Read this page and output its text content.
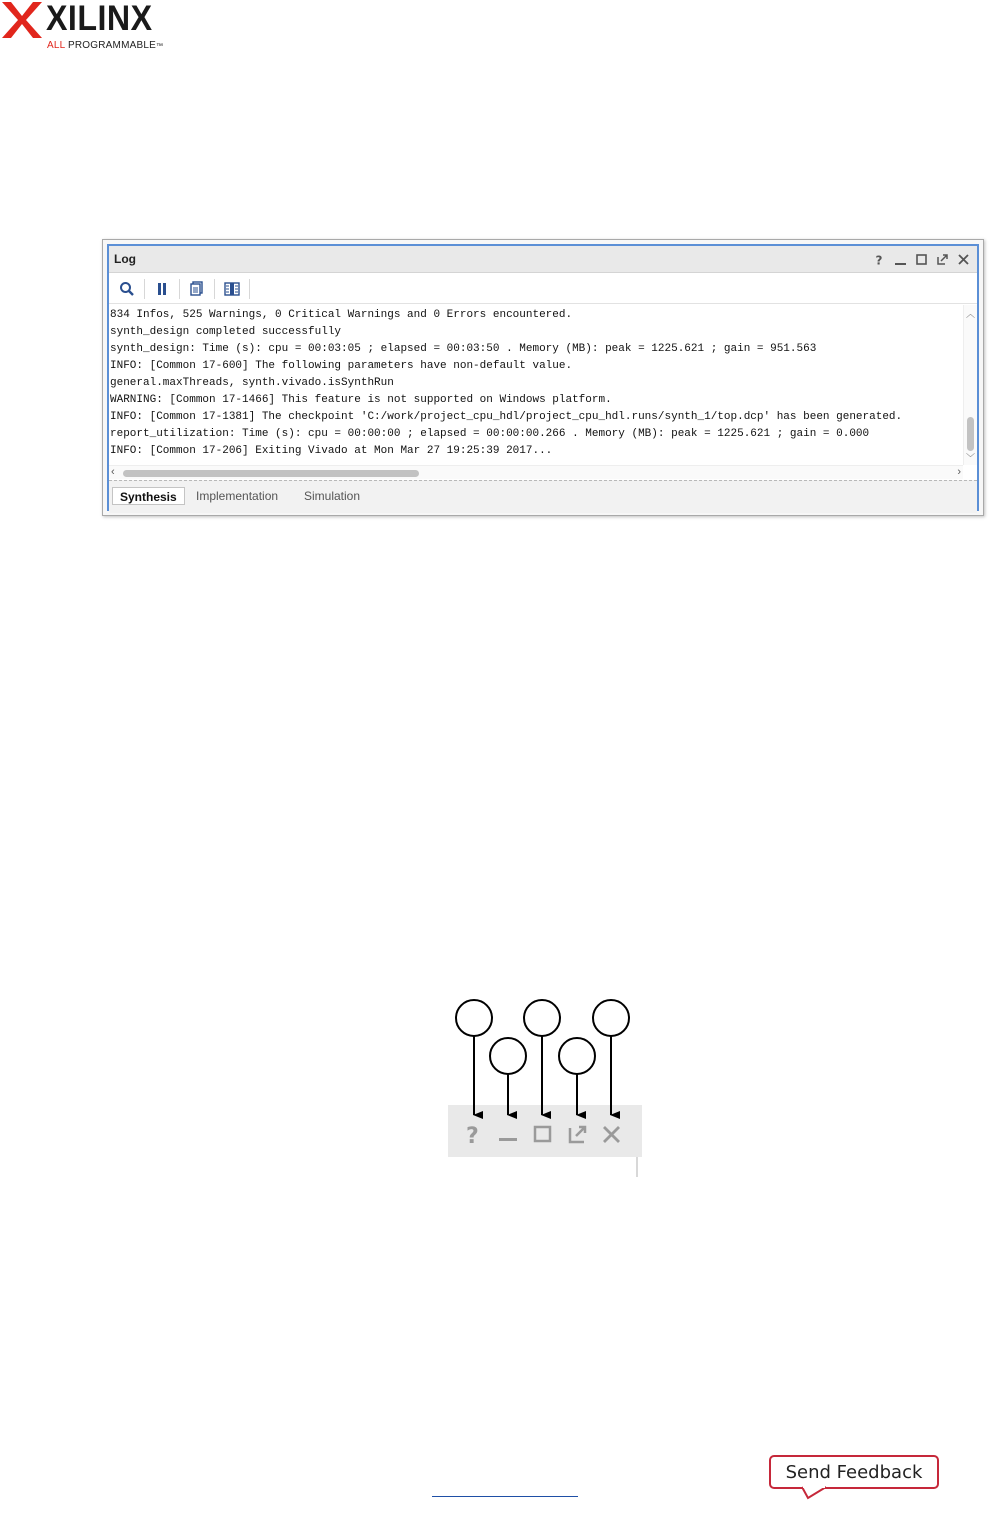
XILINX
ALL PROGRAMMABLE™
Log	?
834 Infos, 525 Warnings, 0 Critical Warnings and 0 Errors encountered.
synth_design completed successfully
synth_design: Time (s): cpu = 00:03:05 ; elapsed = 00:03:50 . Memory (MB): peak = 1225.621 ; gain = 951.563
INFO: [Common 17-600] The following parameters have non-default value.
general.maxThreads, synth.vivado.isSynthRun
WARNING: [Common 17-1466] This feature is not supported on Windows platform.
INFO: [Common 17-1381] The checkpoint 'C:/work/project_cpu_hdl/project_cpu_hdl.runs/synth_1/top.dcp' has been generated.
report_utilization: Time (s): cpu = 00:00:00 ; elapsed = 00:00:00.266 . Memory (MB): peak = 1225.621 ; gain = 0.000
INFO: [Common 17-206] Exiting Vivado at Mon Mar 27 19:25:39 2017...
︿
﹀
‹	›
Synthesis	Implementation	Simulation
?
Send Feedback
